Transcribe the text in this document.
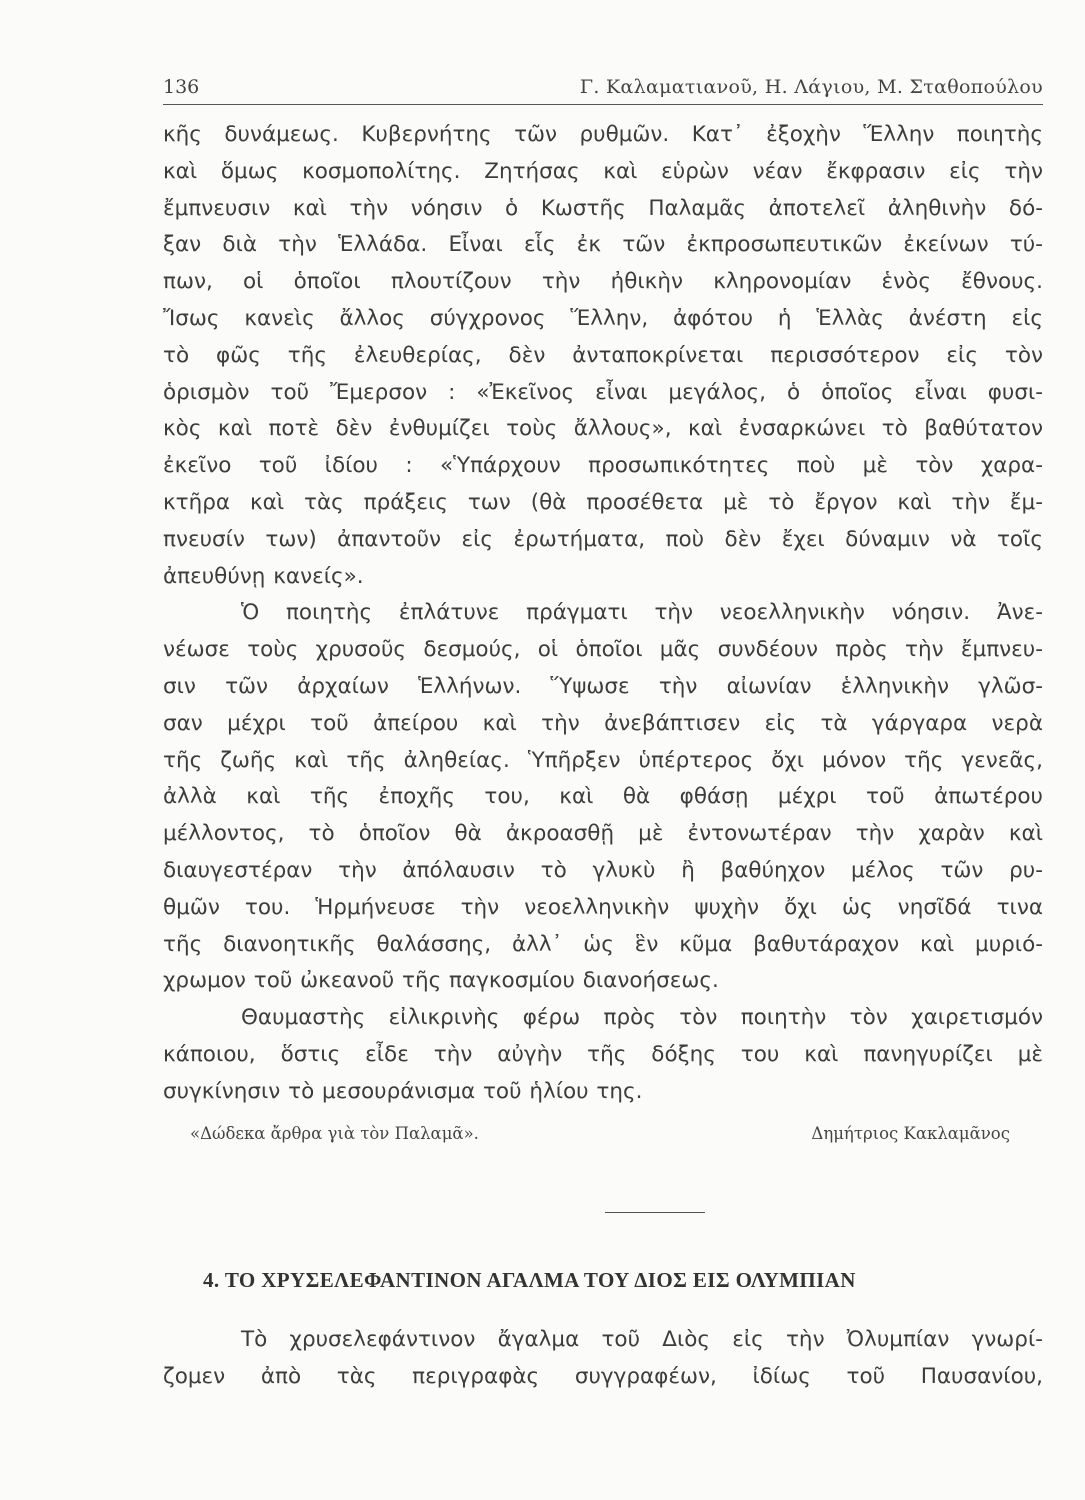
136	Γ. Καλαματιανοῦ, Η. Λάγιου, Μ. Σταθοπούλου
κῆς δυνάμεως. Κυβερνήτης τῶν ρυθμῶν. Κατ᾽ ἐξοχὴν Ἕλλην ποιητὴς
καὶ ὅμως κοσμοπολίτης. Ζητήσας καὶ εὑρὼν νέαν ἔκφρασιν εἰς τὴν
ἔμπνευσιν καὶ τὴν νόησιν ὁ Κωστῆς Παλαμᾶς ἀποτελεῖ ἀληθινὴν δό-
ξαν διὰ τὴν Ἑλλάδα. Εἶναι εἷς ἐκ τῶν ἐκπροσωπευτικῶν ἐκείνων τύ-
πων, οἱ ὁποῖοι πλουτίζουν τὴν ἠθικὴν κληρονομίαν ἑνὸς ἔθνους.
Ἴσως κανεὶς ἄλλος σύγχρονος Ἕλλην, ἀφότου ἡ Ἑλλὰς ἀνέστη εἰς
τὸ φῶς τῆς ἐλευθερίας, δὲν ἀνταποκρίνεται περισσότερον εἰς τὸν
ὁρισμὸν τοῦ Ἔμερσον : «Ἐκεῖνος εἶναι μεγάλος, ὁ ὁποῖος εἶναι φυσι-
κὸς καὶ ποτὲ δὲν ἐνθυμίζει τοὺς ἄλλους», καὶ ἐνσαρκώνει τὸ βαθύτατον
ἐκεῖνο τοῦ ἰδίου : «Ὑπάρχουν προσωπικότητες ποὺ μὲ τὸν χαρα-
κτῆρα καὶ τὰς πράξεις των (θὰ προσέθετα μὲ τὸ ἔργον καὶ τὴν ἔμ-
πνευσίν των) ἀπαντοῦν εἰς ἐρωτήματα, ποὺ δὲν ἔχει δύναμιν νὰ τοῖς
ἀπευθύνῃ κανείς».
Ὁ ποιητὴς ἐπλάτυνε πράγματι τὴν νεοελληνικὴν νόησιν. Ἀνε-
νέωσε τοὺς χρυσοῦς δεσμούς, οἱ ὁποῖοι μᾶς συνδέουν πρὸς τὴν ἔμπνευ-
σιν τῶν ἀρχαίων Ἑλλήνων. Ὕψωσε τὴν αἰωνίαν ἑλληνικὴν γλῶσ-
σαν μέχρι τοῦ ἀπείρου καὶ τὴν ἀνεβάπτισεν εἰς τὰ γάργαρα νερὰ
τῆς ζωῆς καὶ τῆς ἀληθείας. Ὑπῆρξεν ὑπέρτερος ὄχι μόνον τῆς γενεᾶς,
ἀλλὰ καὶ τῆς ἐποχῆς του, καὶ θὰ φθάσῃ μέχρι τοῦ ἀπωτέρου
μέλλοντος, τὸ ὁποῖον θὰ ἀκροασθῇ μὲ ἐντονωτέραν τὴν χαρὰν καὶ
διαυγεστέραν τὴν ἀπόλαυσιν τὸ γλυκὺ ἢ βαθύηχον μέλος τῶν ρυ-
θμῶν του. Ἡρμήνευσε τὴν νεοελληνικὴν ψυχὴν ὄχι ὡς νησῖδά τινα
τῆς διανοητικῆς θαλάσσης, ἀλλ᾽ ὡς ἓν κῦμα βαθυτάραχον καὶ μυριό-
χρωμον τοῦ ὠκεανοῦ τῆς παγκοσμίου διανοήσεως.
Θαυμαστὴς εἰλικρινὴς φέρω πρὸς τὸν ποιητὴν τὸν χαιρετισμόν
κάποιου, ὅστις εἶδε τὴν αὐγὴν τῆς δόξης του καὶ πανηγυρίζει μὲ
συγκίνησιν τὸ μεσουράνισμα τοῦ ἡλίου της.
«Δώδεκα ἄρθρα γιὰ τὸν Παλαμᾶ».	Δημήτριος Κακλαμᾶνος
4. ΤΟ ΧΡΥΣΕΛΕΦΑΝΤΙΝΟΝ ΑΓΑΛΜΑ ΤΟΥ ΔΙΟΣ ΕΙΣ ΟΛΥΜΠΙΑΝ
Τὸ χρυσελεφάντινον ἄγαλμα τοῦ Διὸς εἰς τὴν Ὀλυμπίαν γνωρί-
ζομεν ἀπὸ τὰς περιγραφὰς συγγραφέων, ἰδίως τοῦ Παυσανίου,
